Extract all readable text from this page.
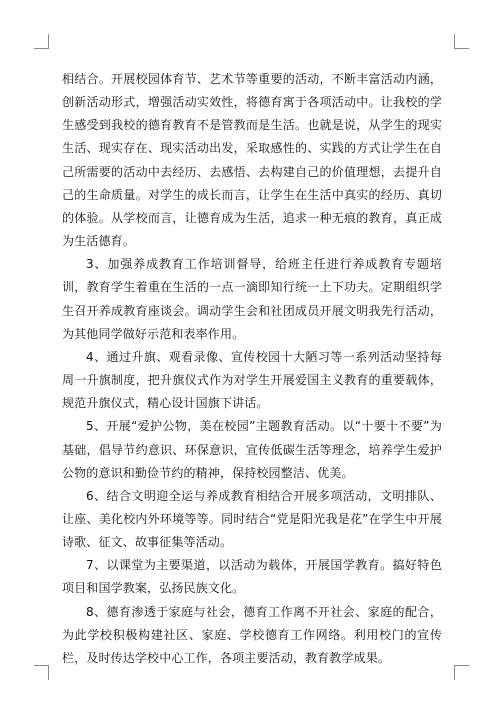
相结合。开展校园体育节、艺术节等重要的活动，不断丰富活动内涵，创新活动形式，增强活动实效性，将德育寓于各项活动中。让我校的学生感受到我校的德育教育不是管教而是生活。也就是说，从学生的现实生活、现实存在、现实活动出发，采取感性的、实践的方式让学生在自己所需要的活动中去经历、去感悟、去构建自己的价值理想，去提升自己的生命质量。对学生的成长而言，让学生在生活中真实的经历、真切的体验。从学校而言，让德育成为生活，追求一种无痕的教育，真正成为生活德育。

3、加强养成教育工作培训督导，给班主任进行养成教育专题培训，教育学生着重在生活的一点一滴即知行统一上下功夫。定期组织学生召开养成教育座谈会。调动学生会和社团成员开展文明我先行活动，为其他同学做好示范和表率作用。

4、通过升旗、观看录像、宣传校园十大陋习等一系列活动坚持每周一升旗制度，把升旗仪式作为对学生开展爱国主义教育的重要载体，规范升旗仪式，精心设计国旗下讲话。

5、开展“爱护公物，美在校园”主题教育活动。以“十要十不要”为基础，倡导节约意识、环保意识，宣传低碳生活等理念，培养学生爱护公物的意识和勤俭节约的精神，保持校园整洁、优美。

6、结合文明迎全运与养成教育相结合开展多项活动，文明排队、让座、美化校内外环境等等。同时结合“党是阳光我是花”在学生中开展诗歌、征文、故事征集等活动。

7、以课堂为主要渠道，以活动为载体，开展国学教育。搞好特色项目和国学教案，弘扬民族文化。

8、德育渗透于家庭与社会，德育工作离不开社会、家庭的配合，为此学校积极构建社区、家庭、学校德育工作网络。利用校门的宣传栏，及时传达学校中心工作，各项主要活动，教育教学成果。
